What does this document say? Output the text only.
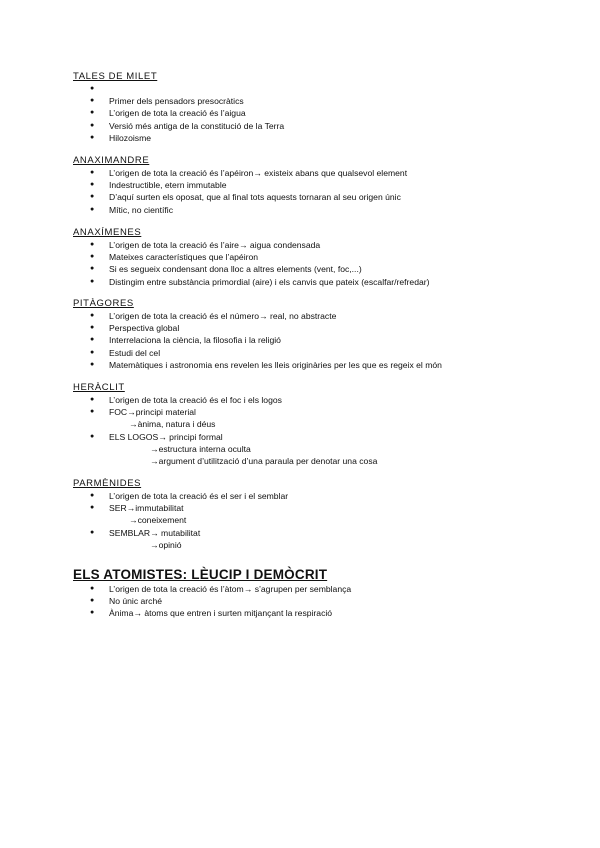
TALES DE MILET
●
● Primer dels pensadors presocràtics
● L’origen de tota la creació és l’aigua
● Versió més antiga de la constitució de la Terra
● Hilozoisme
ANAXIMANDRE
● L’origen de tota la creació és l’apéiron→ existeix abans que qualsevol element
● Indestructible, etern immutable
● D’aquí surten els oposat, que al final tots aquests tornaran al seu origen únic
● Mític, no científic
ANAXÍMENES
● L’origen de tota la creació és l’aire→ aigua condensada
● Mateixes característiques que l’apéiron
● Si es segueix condensant dona lloc a altres elements (vent, foc,...)
● Distingim entre substància primordial (aire) i els canvis que pateix (escalfar/refredar)
PITÀGORES
● L’origen de tota la creació és el número→ real, no abstracte
● Perspectiva global
● Interrelaciona la ciència, la filosofia i la religió
● Estudi del cel
● Matemàtiques i astronomia ens revelen les lleis originàries per les que es regeix el món
HERÀCLIT
● L’origen de tota la creació és el foc i els logos
● FOC→principi material
→ànima, natura i déus
● ELS LOGOS→ principi formal
→estructura interna oculta
→argument d’utilització d’una paraula per denotar una cosa
PARMÈNIDES
● L’origen de tota la creació és el ser i el semblar
● SER→immutabilitat
→coneixement
● SEMBLAR→ mutabilitat
→opinió
ELS ATOMISTES: LÈUCIP I DEMÒCRIT
● L’origen de tota la creació és l’àtom→ s’agrupen per semblança
● No únic arché
● Ànima→ àtoms que entren i surten mitjançant la respiració
